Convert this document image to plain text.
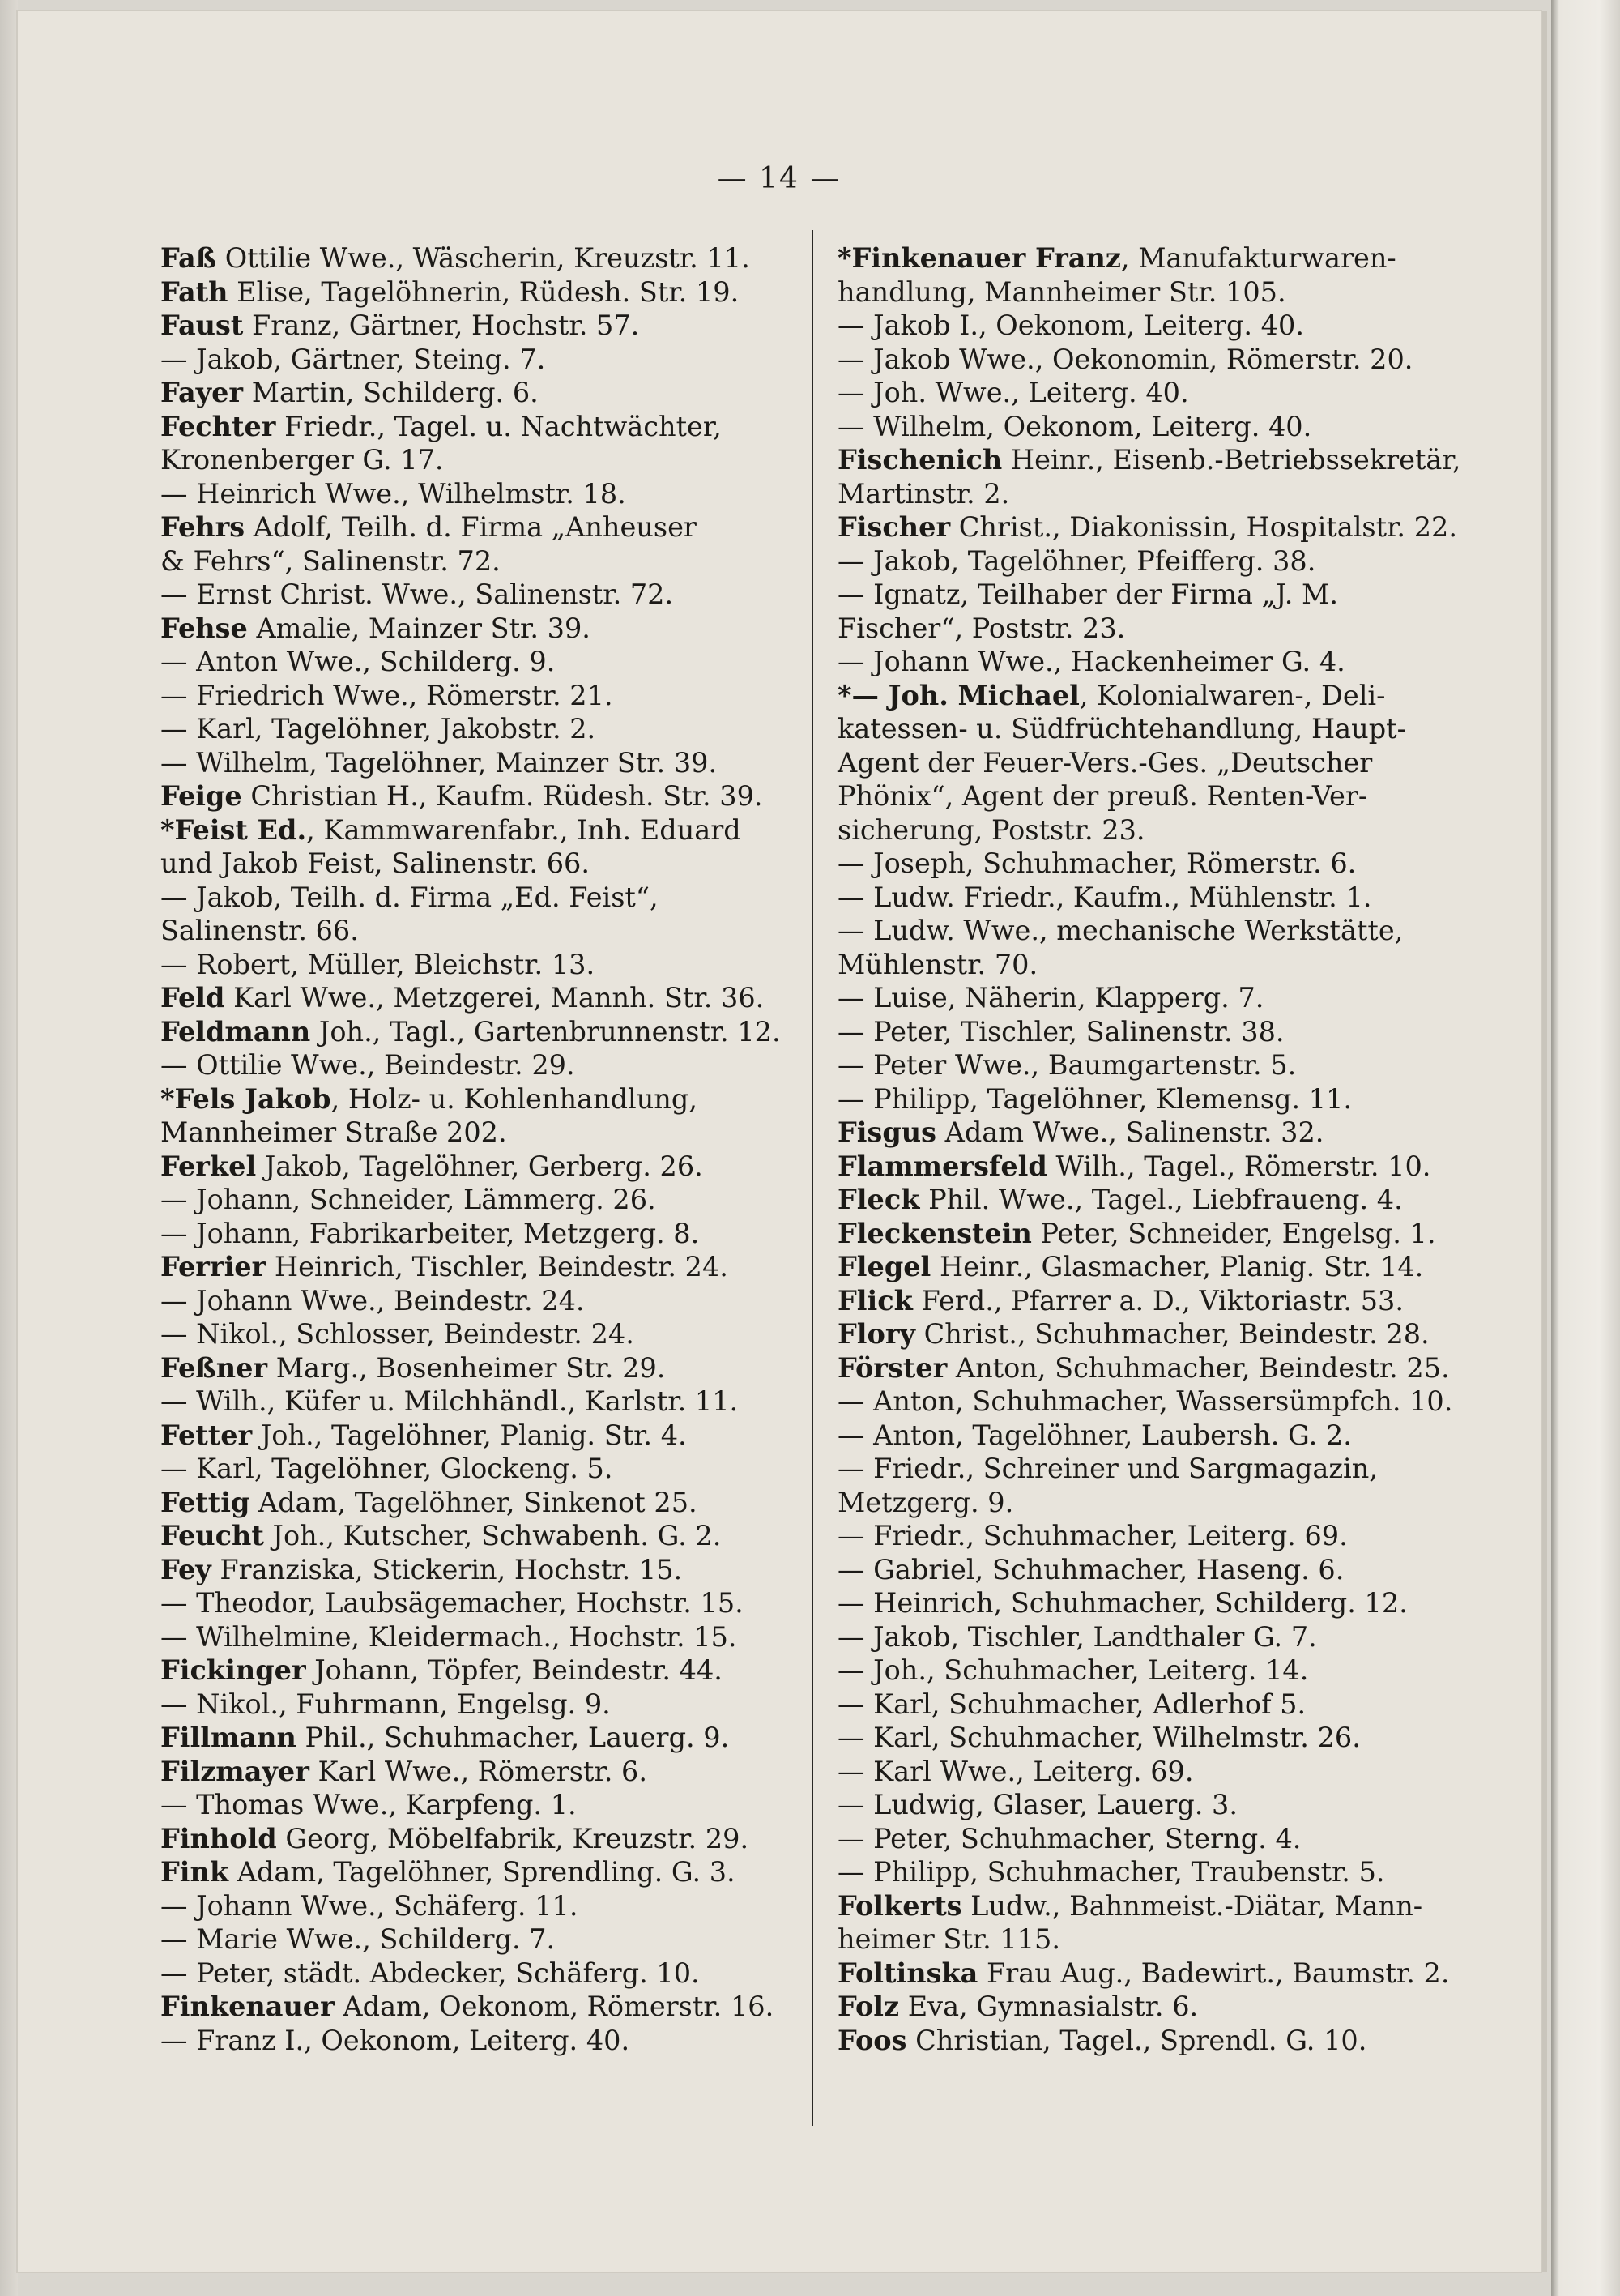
— 14 —
Faß Ottilie Wwe., Wäscherin, Kreuzstr. 11.
Fath Elise, Tagelöhnerin, Rüdesh. Str. 19.
Faust Franz, Gärtner, Hochstr. 57.
— Jakob, Gärtner, Steing. 7.
Fayer Martin, Schilderg. 6.
Fechter Friedr., Tagel. u. Nachtwächter,
Kronenberger G. 17.
— Heinrich Wwe., Wilhelmstr. 18.
Fehrs Adolf, Teilh. d. Firma „Anheuser
& Fehrs“, Salinenstr. 72.
— Ernst Christ. Wwe., Salinenstr. 72.
Fehse Amalie, Mainzer Str. 39.
— Anton Wwe., Schilderg. 9.
— Friedrich Wwe., Römerstr. 21.
— Karl, Tagelöhner, Jakobstr. 2.
— Wilhelm, Tagelöhner, Mainzer Str. 39.
Feige Christian H., Kaufm. Rüdesh. Str. 39.
*Feist Ed., Kammwarenfabr., Inh. Eduard
und Jakob Feist, Salinenstr. 66.
— Jakob, Teilh. d. Firma „Ed. Feist“,
Salinenstr. 66.
— Robert, Müller, Bleichstr. 13.
Feld Karl Wwe., Metzgerei, Mannh. Str. 36.
Feldmann Joh., Tagl., Gartenbrunnenstr. 12.
— Ottilie Wwe., Beindestr. 29.
*Fels Jakob, Holz- u. Kohlenhandlung,
Mannheimer Straße 202.
Ferkel Jakob, Tagelöhner, Gerberg. 26.
— Johann, Schneider, Lämmerg. 26.
— Johann, Fabrikarbeiter, Metzgerg. 8.
Ferrier Heinrich, Tischler, Beindestr. 24.
— Johann Wwe., Beindestr. 24.
— Nikol., Schlosser, Beindestr. 24.
Feßner Marg., Bosenheimer Str. 29.
— Wilh., Küfer u. Milchhändl., Karlstr. 11.
Fetter Joh., Tagelöhner, Planig. Str. 4.
— Karl, Tagelöhner, Glockeng. 5.
Fettig Adam, Tagelöhner, Sinkenot 25.
Feucht Joh., Kutscher, Schwabenh. G. 2.
Fey Franziska, Stickerin, Hochstr. 15.
— Theodor, Laubsägemacher, Hochstr. 15.
— Wilhelmine, Kleidermach., Hochstr. 15.
Fickinger Johann, Töpfer, Beindestr. 44.
— Nikol., Fuhrmann, Engelsg. 9.
Fillmann Phil., Schuhmacher, Lauerg. 9.
Filzmayer Karl Wwe., Römerstr. 6.
— Thomas Wwe., Karpfeng. 1.
Finhold Georg, Möbelfabrik, Kreuzstr. 29.
Fink Adam, Tagelöhner, Sprendling. G. 3.
— Johann Wwe., Schäferg. 11.
— Marie Wwe., Schilderg. 7.
— Peter, städt. Abdecker, Schäferg. 10.
Finkenauer Adam, Oekonom, Römerstr. 16.
— Franz I., Oekonom, Leiterg. 40.
*Finkenauer Franz, Manufakturwaren-
handlung, Mannheimer Str. 105.
— Jakob I., Oekonom, Leiterg. 40.
— Jakob Wwe., Oekonomin, Römerstr. 20.
— Joh. Wwe., Leiterg. 40.
— Wilhelm, Oekonom, Leiterg. 40.
Fischenich Heinr., Eisenb.-Betriebssekretär,
Martinstr. 2.
Fischer Christ., Diakonissin, Hospitalstr. 22.
— Jakob, Tagelöhner, Pfeifferg. 38.
— Ignatz, Teilhaber der Firma „J. M.
Fischer“, Poststr. 23.
— Johann Wwe., Hackenheimer G. 4.
*— Joh. Michael, Kolonialwaren-, Deli-
katessen- u. Südfrüchtehandlung, Haupt-
Agent der Feuer-Vers.-Ges. „Deutscher
Phönix“, Agent der preuß. Renten-Ver-
sicherung, Poststr. 23.
— Joseph, Schuhmacher, Römerstr. 6.
— Ludw. Friedr., Kaufm., Mühlenstr. 1.
— Ludw. Wwe., mechanische Werkstätte,
Mühlenstr. 70.
— Luise, Näherin, Klapperg. 7.
— Peter, Tischler, Salinenstr. 38.
— Peter Wwe., Baumgartenstr. 5.
— Philipp, Tagelöhner, Klemensg. 11.
Fisgus Adam Wwe., Salinenstr. 32.
Flammersfeld Wilh., Tagel., Römerstr. 10.
Fleck Phil. Wwe., Tagel., Liebfraueng. 4.
Fleckenstein Peter, Schneider, Engelsg. 1.
Flegel Heinr., Glasmacher, Planig. Str. 14.
Flick Ferd., Pfarrer a. D., Viktoriastr. 53.
Flory Christ., Schuhmacher, Beindestr. 28.
Förster Anton, Schuhmacher, Beindestr. 25.
— Anton, Schuhmacher, Wassersümpfch. 10.
— Anton, Tagelöhner, Laubersh. G. 2.
— Friedr., Schreiner und Sargmagazin,
Metzgerg. 9.
— Friedr., Schuhmacher, Leiterg. 69.
— Gabriel, Schuhmacher, Haseng. 6.
— Heinrich, Schuhmacher, Schilderg. 12.
— Jakob, Tischler, Landthaler G. 7.
— Joh., Schuhmacher, Leiterg. 14.
— Karl, Schuhmacher, Adlerhof 5.
— Karl, Schuhmacher, Wilhelmstr. 26.
— Karl Wwe., Leiterg. 69.
— Ludwig, Glaser, Lauerg. 3.
— Peter, Schuhmacher, Sterng. 4.
— Philipp, Schuhmacher, Traubenstr. 5.
Folkerts Ludw., Bahnmeist.-Diätar, Mann-
heimer Str. 115.
Foltinska Frau Aug., Badewirt., Baumstr. 2.
Folz Eva, Gymnasialstr. 6.
Foos Christian, Tagel., Sprendl. G. 10.
